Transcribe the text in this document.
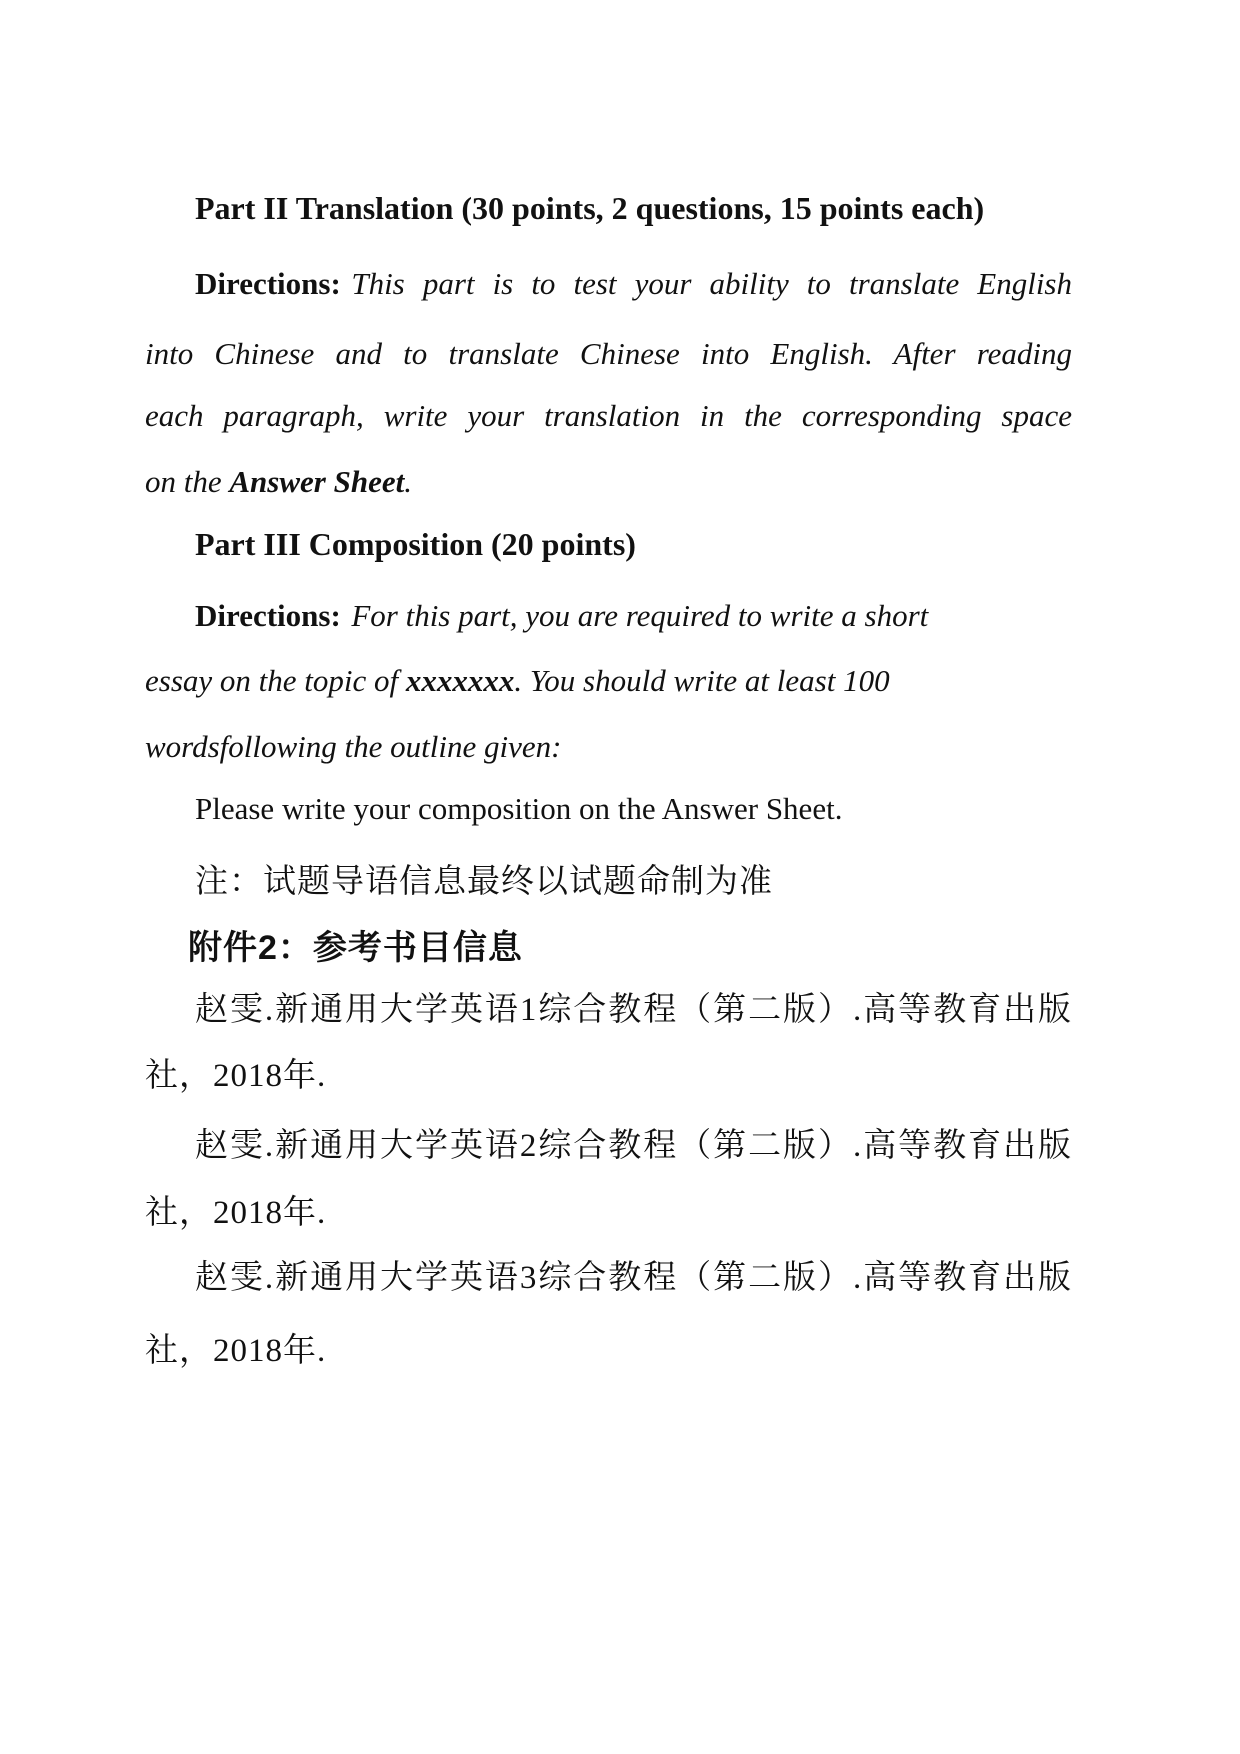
Part II Translation (30 points, 2 questions, 15 points each)
Directions: This part is to test your ability to translate English
into Chinese and to translate Chinese into English. After reading
each paragraph, write your translation in the corresponding space
on the Answer Sheet.
Part III Composition (20 points)
Directions: For this part, you are required to write a short
essay on the topic of xxxxxxx. You should write at least 100
wordsfollowing the outline given:
Please write your composition on the Answer Sheet.
注：试题导语信息最终以试题命制为准
附件2：参考书目信息
赵雯.新通用大学英语1综合教程（第二版）.高等教育出版
社，2018年.
赵雯.新通用大学英语2综合教程（第二版）.高等教育出版
社，2018年.
赵雯.新通用大学英语3综合教程（第二版）.高等教育出版
社，2018年.
